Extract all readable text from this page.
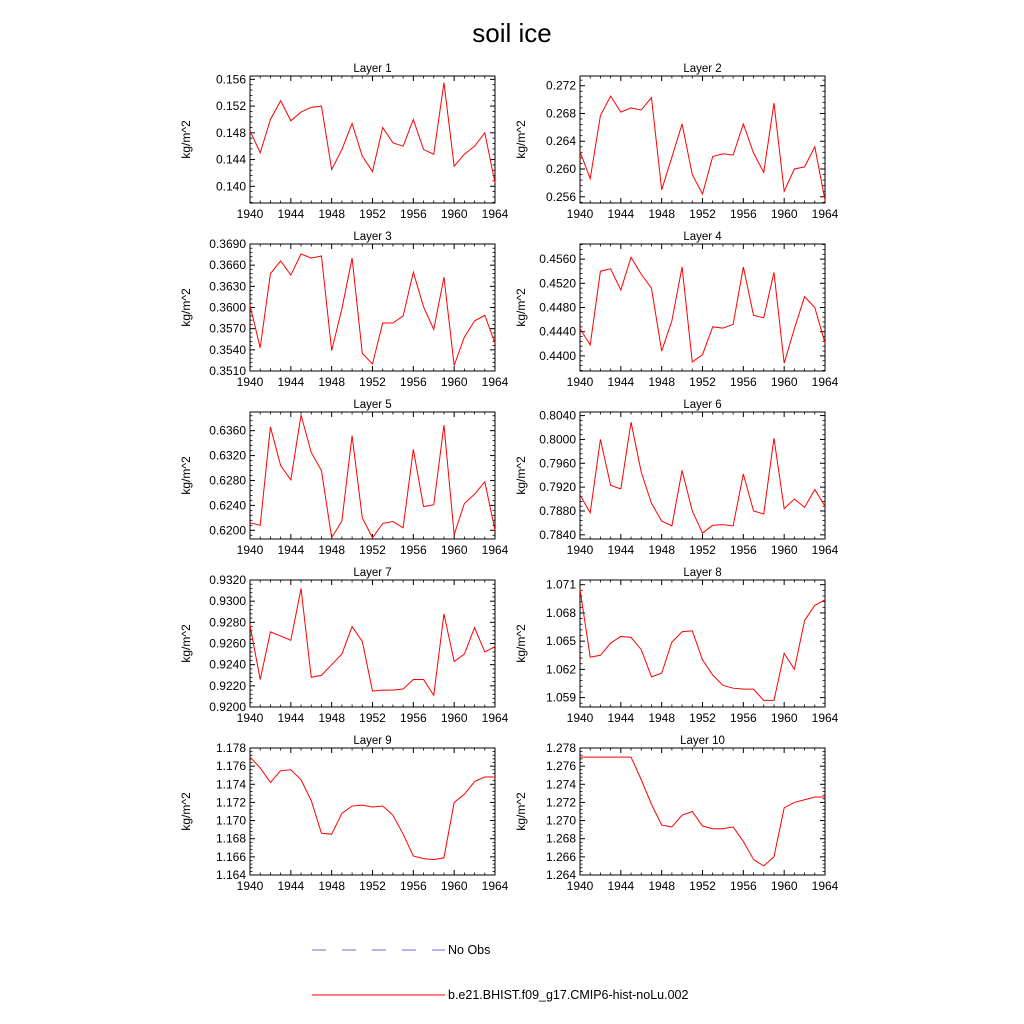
soil ice
Layer 1
1940 1944 1948 1952 1956 1960 1964
0.140
0.144
0.148
0.152
0.156
kg/m^2
Layer 2
1940 1944 1948 1952 1956 1960 1964
0.256
0.260
0.264
0.268
0.272
kg/m^2
Layer 3
1940 1944 1948 1952 1956 1960 1964
0.3510
0.3540
0.3570
0.3600
0.3630
0.3660
0.3690
kg/m^2
Layer 4
1940 1944 1948 1952 1956 1960 1964
0.4400
0.4440
0.4480
0.4520
0.4560
kg/m^2
Layer 5
1940 1944 1948 1952 1956 1960 1964
0.6200
0.6240
0.6280
0.6320
0.6360
kg/m^2
Layer 6
1940 1944 1948 1952 1956 1960 1964
0.7840
0.7880
0.7920
0.7960
0.8000
0.8040
kg/m^2
Layer 7
1940 1944 1948 1952 1956 1960 1964
0.9200
0.9220
0.9240
0.9260
0.9280
0.9300
0.9320
kg/m^2
Layer 8
1940 1944 1948 1952 1956 1960 1964
1.059
1.062
1.065
1.068
1.071
kg/m^2
Layer 9
1940 1944 1948 1952 1956 1960 1964
1.164
1.166
1.168
1.170
1.172
1.174
1.176
1.178
kg/m^2
Layer 10
1940 1944 1948 1952 1956 1960 1964
1.264
1.266
1.268
1.270
1.272
1.274
1.276
1.278
kg/m^2
No Obs
b.e21.BHIST.f09_g17.CMIP6-hist-noLu.002
